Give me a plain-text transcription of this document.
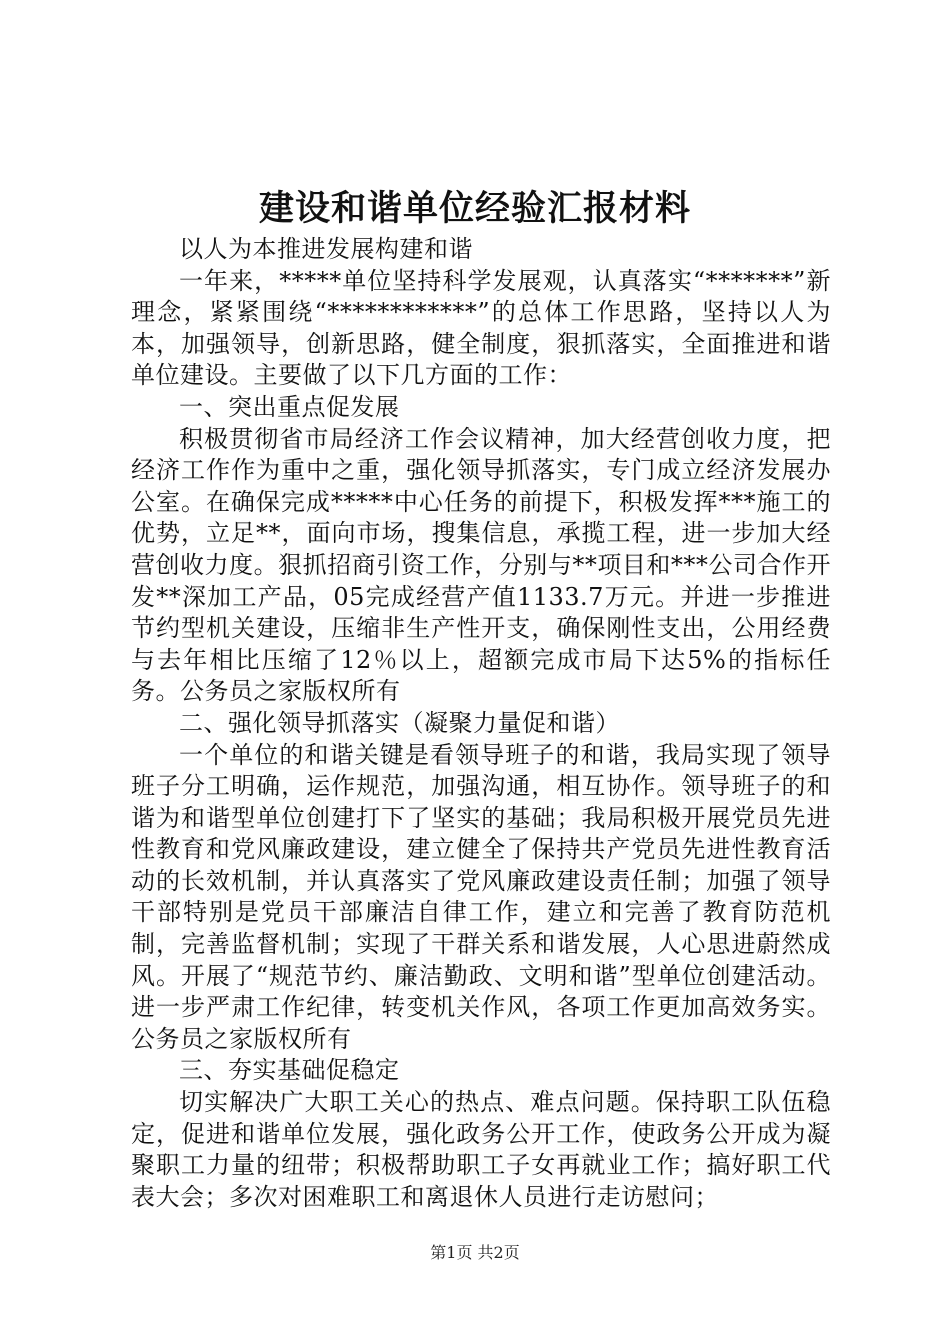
建设和谐单位经验汇报材料

以人为本推进发展构建和谐

一年来，*****单位坚持科学发展观，认真落实“*******”新理念，紧紧围绕“************”的总体工作思路，坚持以人为本，加强领导，创新思路，健全制度，狠抓落实，全面推进和谐单位建设。主要做了以下几方面的工作：

一、突出重点促发展

积极贯彻省市局经济工作会议精神，加大经营创收力度，把经济工作作为重中之重，强化领导抓落实，专门成立经济发展办公室。在确保完成*****中心任务的前提下，积极发挥***施工的优势，立足**，面向市场，搜集信息，承揽工程，进一步加大经营创收力度。狠抓招商引资工作，分别与**项目和***公司合作开发**深加工产品，05完成经营产值1133.7万元。并进一步推进节约型机关建设，压缩非生产性开支，确保刚性支出，公用经费与去年相比压缩了12％以上，超额完成市局下达5%的指标任务。公务员之家版权所有

二、强化领导抓落实（凝聚力量促和谐）

一个单位的和谐关键是看领导班子的和谐，我局实现了领导班子分工明确，运作规范，加强沟通，相互协作。领导班子的和谐为和谐型单位创建打下了坚实的基础；我局积极开展党员先进性教育和党风廉政建设，建立健全了保持共产党员先进性教育活动的长效机制，并认真落实了党风廉政建设责任制；加强了领导干部特别是党员干部廉洁自律工作，建立和完善了教育防范机制，完善监督机制；实现了干群关系和谐发展，人心思进蔚然成风。开展了“规范节约、廉洁勤政、文明和谐”型单位创建活动。进一步严肃工作纪律，转变机关作风，各项工作更加高效务实。公务员之家版权所有

三、夯实基础促稳定

切实解决广大职工关心的热点、难点问题。保持职工队伍稳定，促进和谐单位发展，强化政务公开工作，使政务公开成为凝聚职工力量的纽带；积极帮助职工子女再就业工作；搞好职工代表大会；多次对困难职工和离退休人员进行走访慰问；

第1页 共2页
